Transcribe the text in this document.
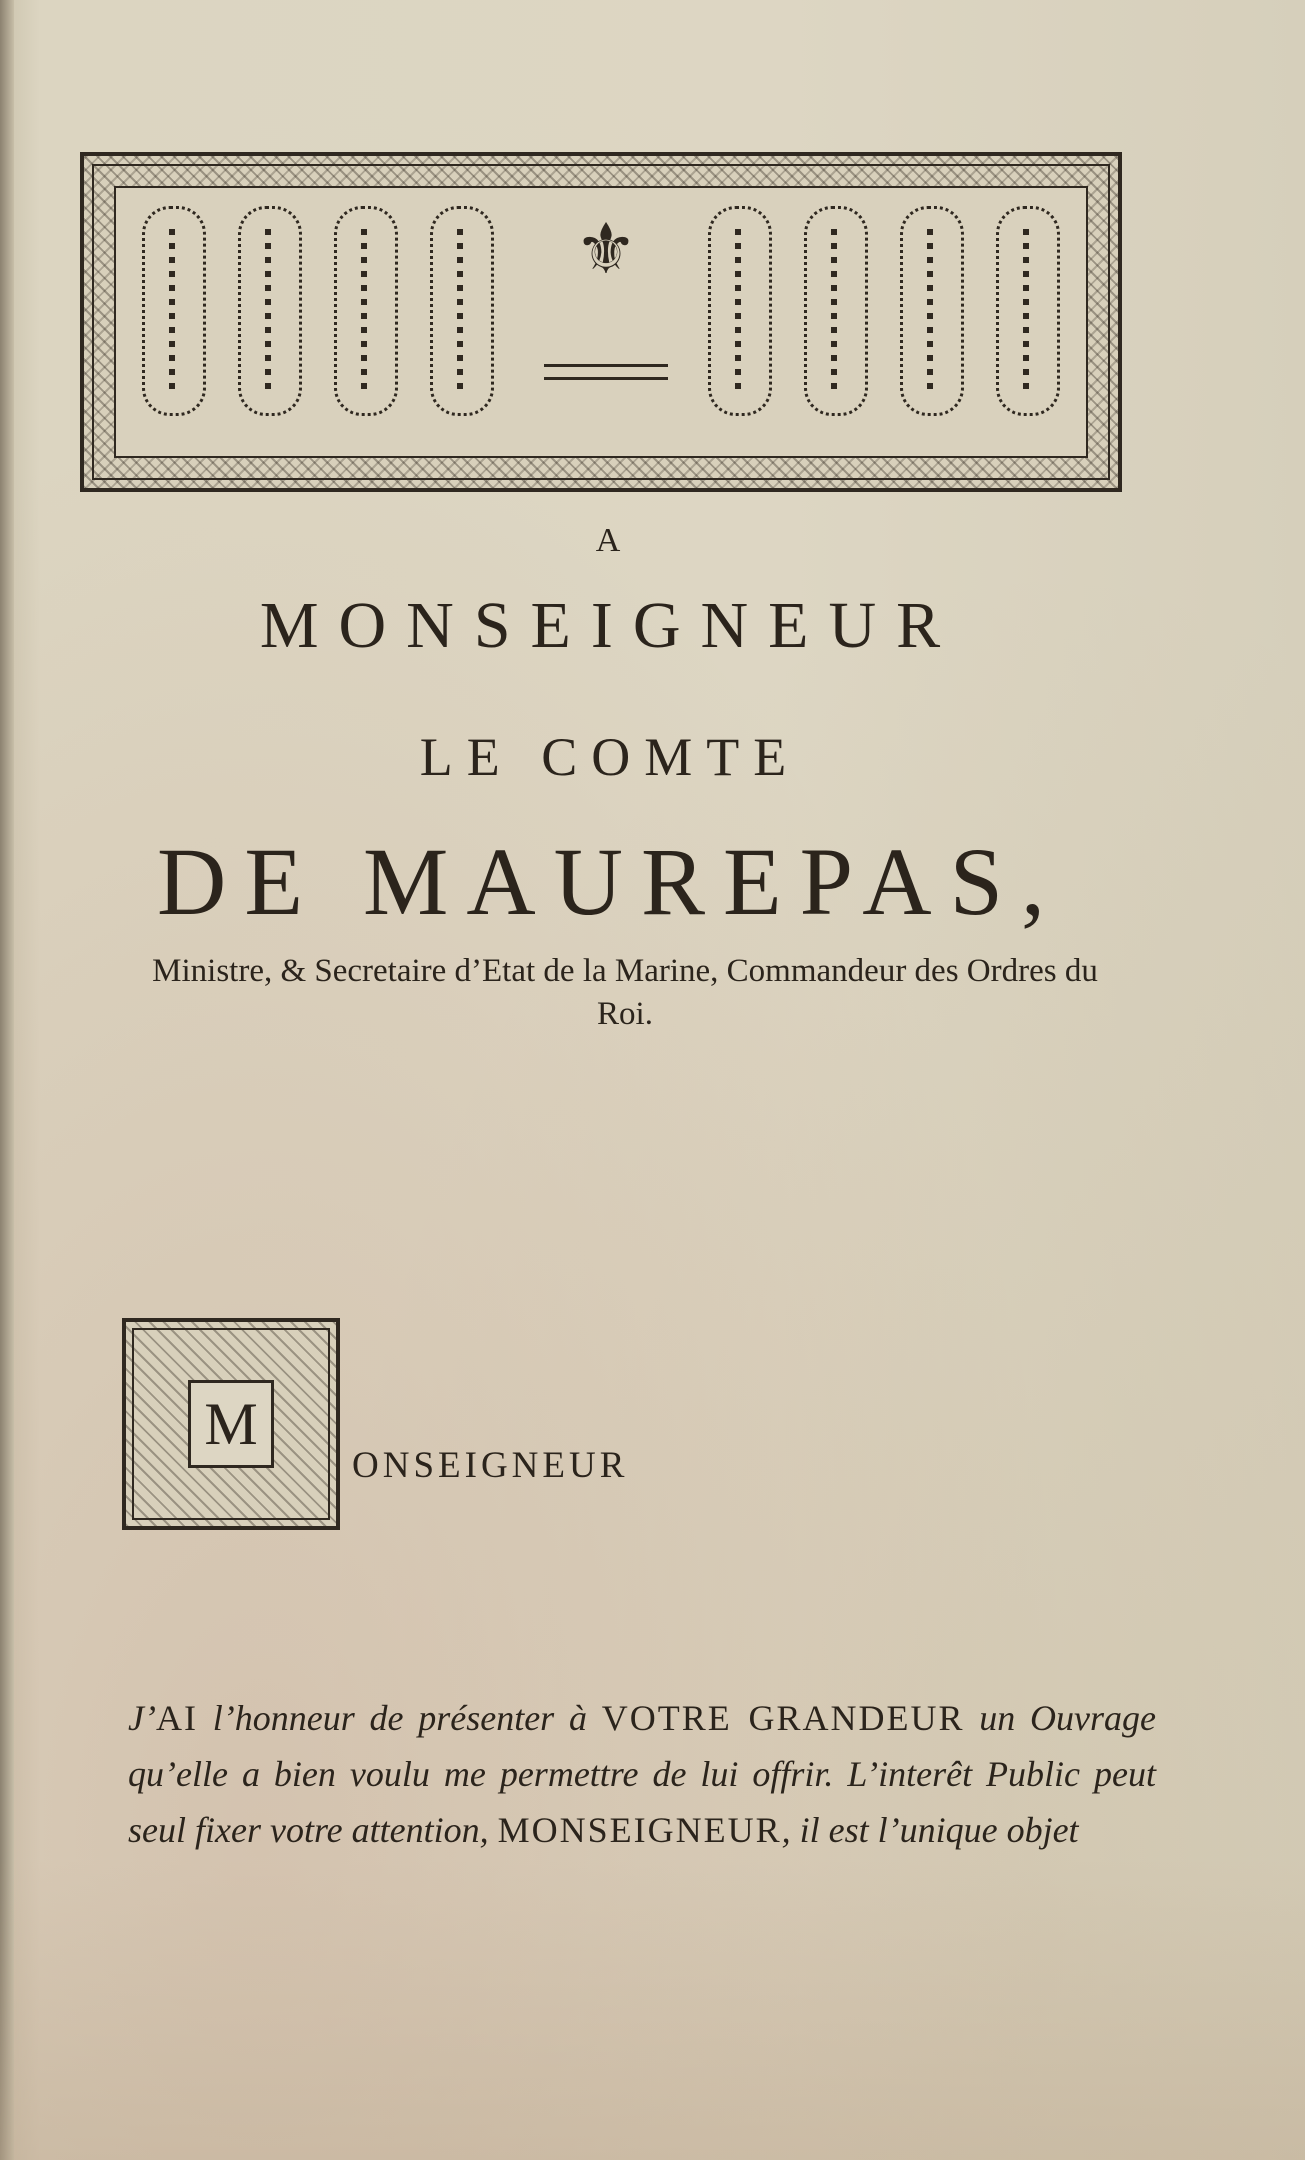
⚜
A
MONSEIGNEUR
LE COMTE
DE MAUREPAS,
Ministre, & Secretaire d’Etat de la Marine, Commandeur des Ordres du Roi.
M
ONSEIGNEUR
J’AI l’honneur de présenter à VOTRE GRANDEUR un Ouvrage qu’elle a bien voulu me permettre de lui offrir. L’interêt Public peut seul fixer votre attention, MONSEIGNEUR, il est l’unique objet
